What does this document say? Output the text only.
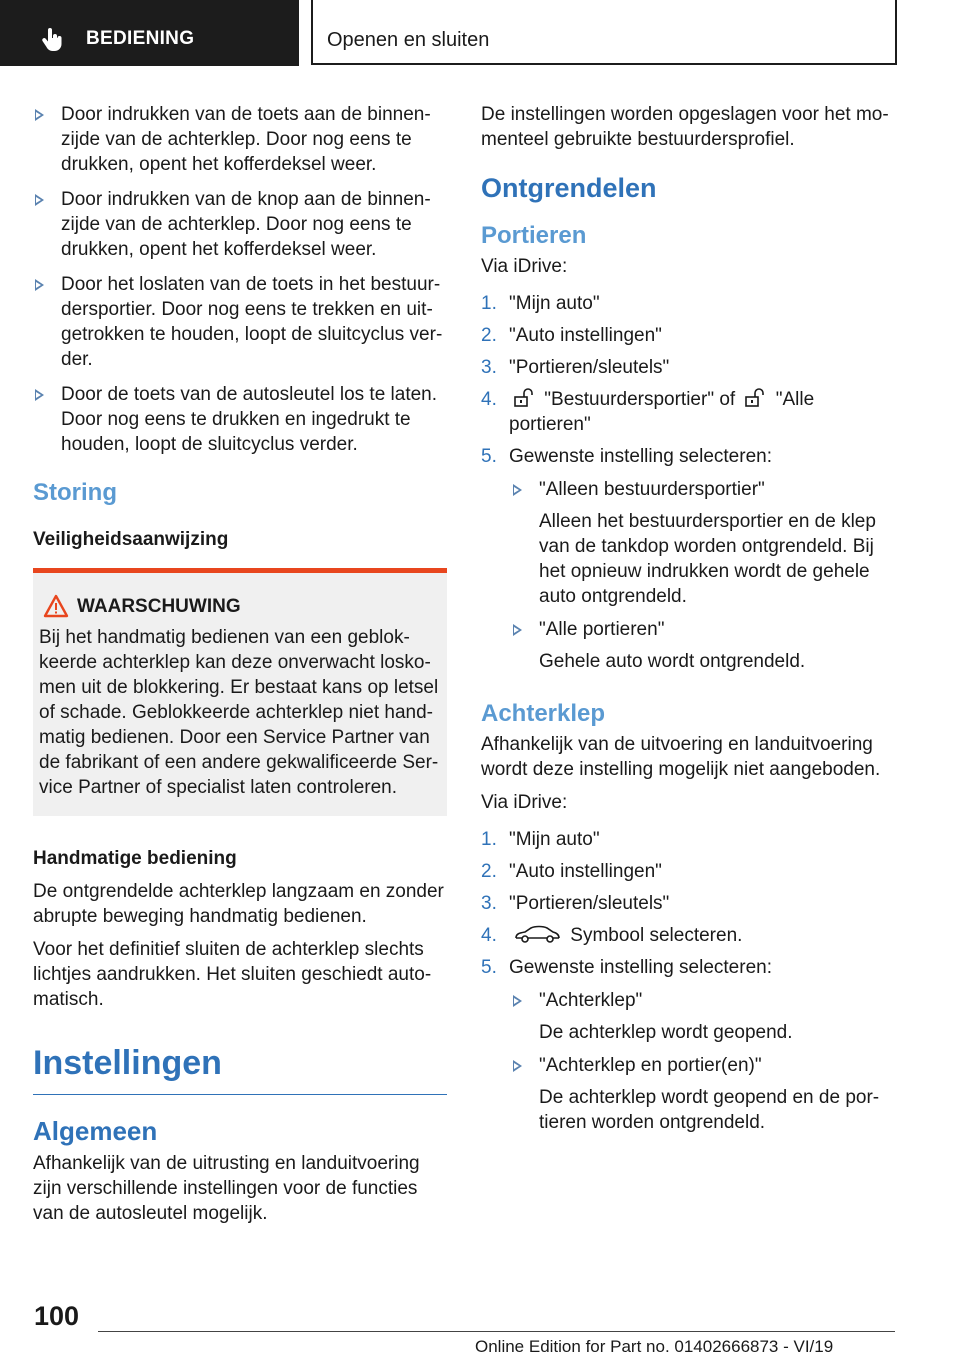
BEDIENING	Openen en sluiten
Door indrukken van de toets aan de binnenzijde van de achterklep. Door nog eens te drukken, opent het kofferdeksel weer.
Door indrukken van de knop aan de binnenzijde van de achterklep. Door nog eens te drukken, opent het kofferdeksel weer.
Door het loslaten van de toets in het bestuurdersportier. Door nog eens te trekken en uitgetrokken te houden, loopt de sluitcyclus verder.
Door de toets van de autosleutel los te laten. Door nog eens te drukken en ingedrukt te houden, loopt de sluitcyclus verder.
Storing
Veiligheidsaanwijzing
WAARSCHUWING
Bij het handmatig bedienen van een geblokkeerde achterklep kan deze onverwacht loskomen uit de blokkering. Er bestaat kans op letsel of schade. Geblokkeerde achterklep niet handmatig bedienen. Door een Service Partner van de fabrikant of een andere gekwalificeerde Service Partner of specialist laten controleren.
Handmatige bediening

De ontgrendelde achterklep langzaam en zonder abrupte beweging handmatig bedienen.

Voor het definitief sluiten de achterklep slechts lichtjes aandrukken. Het sluiten geschiedt automatisch.

Instellingen
Algemeen

Afhankelijk van de uitrusting en landuitvoering zijn verschillende instellingen voor de functies van de autosleutel mogelijk.

De instellingen worden opgeslagen voor het momenteel gebruikte bestuurdersprofiel.

Ontgrendelen
Portieren

Via iDrive:

1. "Mijn auto"
2. "Auto instellingen"
3. "Portieren/sleutels"
4. "Bestuurdersportier" of "Alle portieren"
5. Gewenste instelling selecteren:
"Alleen bestuurdersportier"
Alleen het bestuurdersportier en de klep van de tankdop worden ontgrendeld. Bij het opnieuw indrukken wordt de gehele auto ontgrendeld.
"Alle portieren"
Gehele auto wordt ontgrendeld.
Achterklep

Afhankelijk van de uitvoering en landuitvoering wordt deze instelling mogelijk niet aangeboden.

Via iDrive:

1. "Mijn auto"
2. "Auto instellingen"
3. "Portieren/sleutels"
4.	Symbool selecteren.
5. Gewenste instelling selecteren:
"Achterklep"
De achterklep wordt geopend.
"Achterklep en portier(en)"
De achterklep wordt geopend en de portieren worden ontgrendeld.
100
Online Edition for Part no. 01402666873 - VI/19
